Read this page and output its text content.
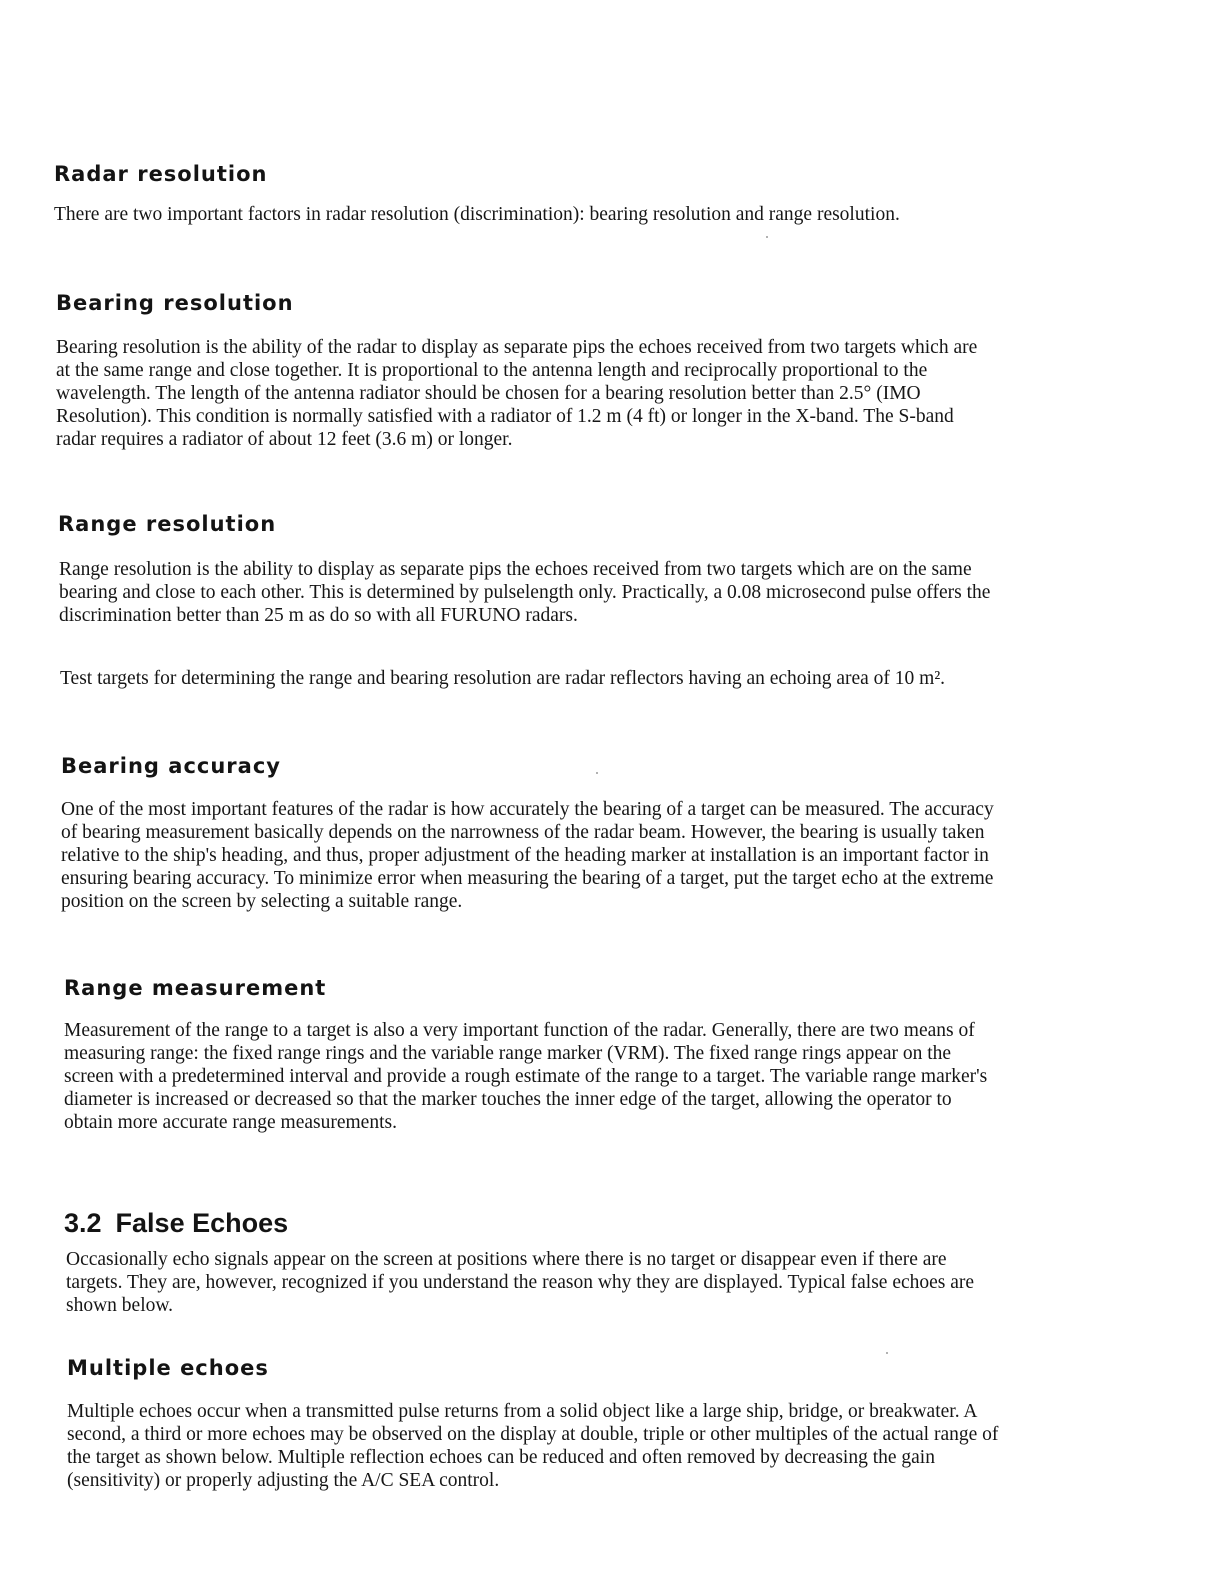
Radar resolution

There are two important factors in radar resolution (discrimination): bearing resolution and range resolution.

Bearing resolution

Bearing resolution is the ability of the radar to display as separate pips the echoes received from two targets which are at the same range and close together. It is proportional to the antenna length and reciprocally proportional to the wavelength. The length of the antenna radiator should be chosen for a bearing resolution better than 2.5° (IMO Resolution). This condition is normally satisfied with a radiator of 1.2 m (4 ft) or longer in the X-band. The S-band radar requires a radiator of about 12 feet (3.6 m) or longer.

Range resolution

Range resolution is the ability to display as separate pips the echoes received from two targets which are on the same bearing and close to each other. This is determined by pulselength only. Practically, a 0.08 microsecond pulse offers the discrimination better than 25 m as do so with all FURUNO radars.

Test targets for determining the range and bearing resolution are radar reflectors having an echoing area of 10 m².

Bearing accuracy

One of the most important features of the radar is how accurately the bearing of a target can be measured. The accuracy of bearing measurement basically depends on the narrowness of the radar beam. However, the bearing is usually taken relative to the ship's heading, and thus, proper adjustment of the heading marker at installation is an important factor in ensuring bearing accuracy. To minimize error when measuring the bearing of a target, put the target echo at the extreme position on the screen by selecting a suitable range.

Range measurement

Measurement of the range to a target is also a very important function of the radar. Generally, there are two means of measuring range: the fixed range rings and the variable range marker (VRM). The fixed range rings appear on the screen with a predetermined interval and provide a rough estimate of the range to a target. The variable range marker's diameter is increased or decreased so that the marker touches the inner edge of the target, allowing the operator to obtain more accurate range measurements.

3.2 False Echoes

Occasionally echo signals appear on the screen at positions where there is no target or disappear even if there are targets. They are, however, recognized if you understand the reason why they are displayed. Typical false echoes are shown below.

Multiple echoes

Multiple echoes occur when a transmitted pulse returns from a solid object like a large ship, bridge, or breakwater. A second, a third or more echoes may be observed on the display at double, triple or other multiples of the actual range of the target as shown below. Multiple reflection echoes can be reduced and often removed by decreasing the gain (sensitivity) or properly adjusting the A/C SEA control.
